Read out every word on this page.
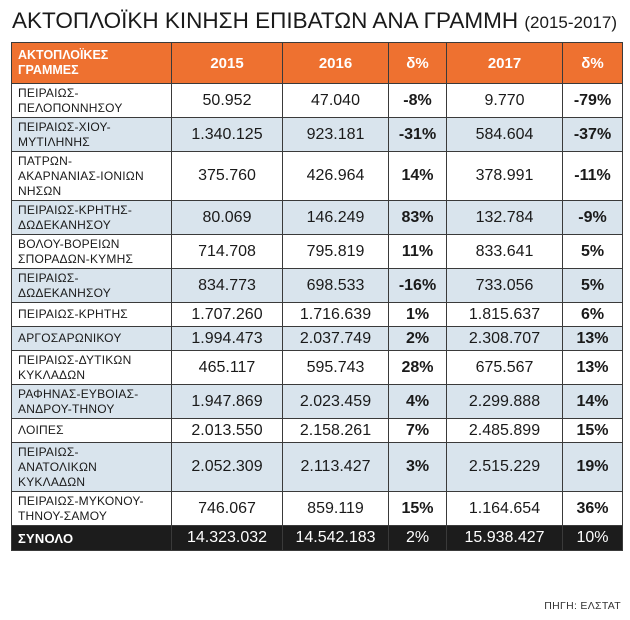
ΑΚΤΟΠΛΟΪΚΗ ΚΙΝΗΣΗ ΕΠΙΒΑΤΩΝ ΑΝΑ ΓΡΑΜΜΗ (2015-2017)
ΑΚΤΟΠΛΟΪΚΕΣ
ΓΡΑΜΜΕΣ	2015	2016	δ%	2017	δ%
ΠΕΙΡΑΙΩΣ-
ΠΕΛΟΠΟΝΝΗΣΟΥ	50.952	47.040	-8%	9.770	-79%
ΠΕΙΡΑΙΩΣ-ΧΙΟΥ-
ΜΥΤΙΛΗΝΗΣ	1.340.125	923.181	-31%	584.604	-37%
ΠΑΤΡΩΝ-
ΑΚΑΡΝΑΝΙΑΣ-ΙΟΝΙΩΝ
ΝΗΣΩΝ	375.760	426.964	14%	378.991	-11%
ΠΕΙΡΑΙΩΣ-ΚΡΗΤΗΣ-
ΔΩΔΕΚΑΝΗΣΟΥ	80.069	146.249	83%	132.784	-9%
ΒΟΛΟΥ-ΒΟΡΕΙΩΝ
ΣΠΟΡΑΔΩΝ-ΚΥΜΗΣ	714.708	795.819	11%	833.641	5%
ΠΕΙΡΑΙΩΣ-
ΔΩΔΕΚΑΝΗΣΟΥ	834.773	698.533	-16%	733.056	5%
ΠΕΙΡΑΙΩΣ-ΚΡΗΤΗΣ	1.707.260	1.716.639	1%	1.815.637	6%
ΑΡΓΟΣΑΡΩΝΙΚΟΥ	1.994.473	2.037.749	2%	2.308.707	13%
ΠΕΙΡΑΙΩΣ-ΔΥΤΙΚΩΝ
ΚΥΚΛΑΔΩΝ	465.117	595.743	28%	675.567	13%
ΡΑΦΗΝΑΣ-ΕΥΒΟΙΑΣ-
ΑΝΔΡΟΥ-ΤΗΝΟΥ	1.947.869	2.023.459	4%	2.299.888	14%
ΛΟΙΠΕΣ	2.013.550	2.158.261	7%	2.485.899	15%
ΠΕΙΡΑΙΩΣ-
ΑΝΑΤΟΛΙΚΩΝ
ΚΥΚΛΑΔΩΝ	2.052.309	2.113.427	3%	2.515.229	19%
ΠΕΙΡΑΙΩΣ-ΜΥΚΟΝΟΥ-
ΤΗΝΟΥ-ΣΑΜΟΥ	746.067	859.119	15%	1.164.654	36%
ΣΥΝΟΛΟ	14.323.032	14.542.183	2%	15.938.427	10%
ΠΗΓΗ: ΕΛΣΤΑΤ
